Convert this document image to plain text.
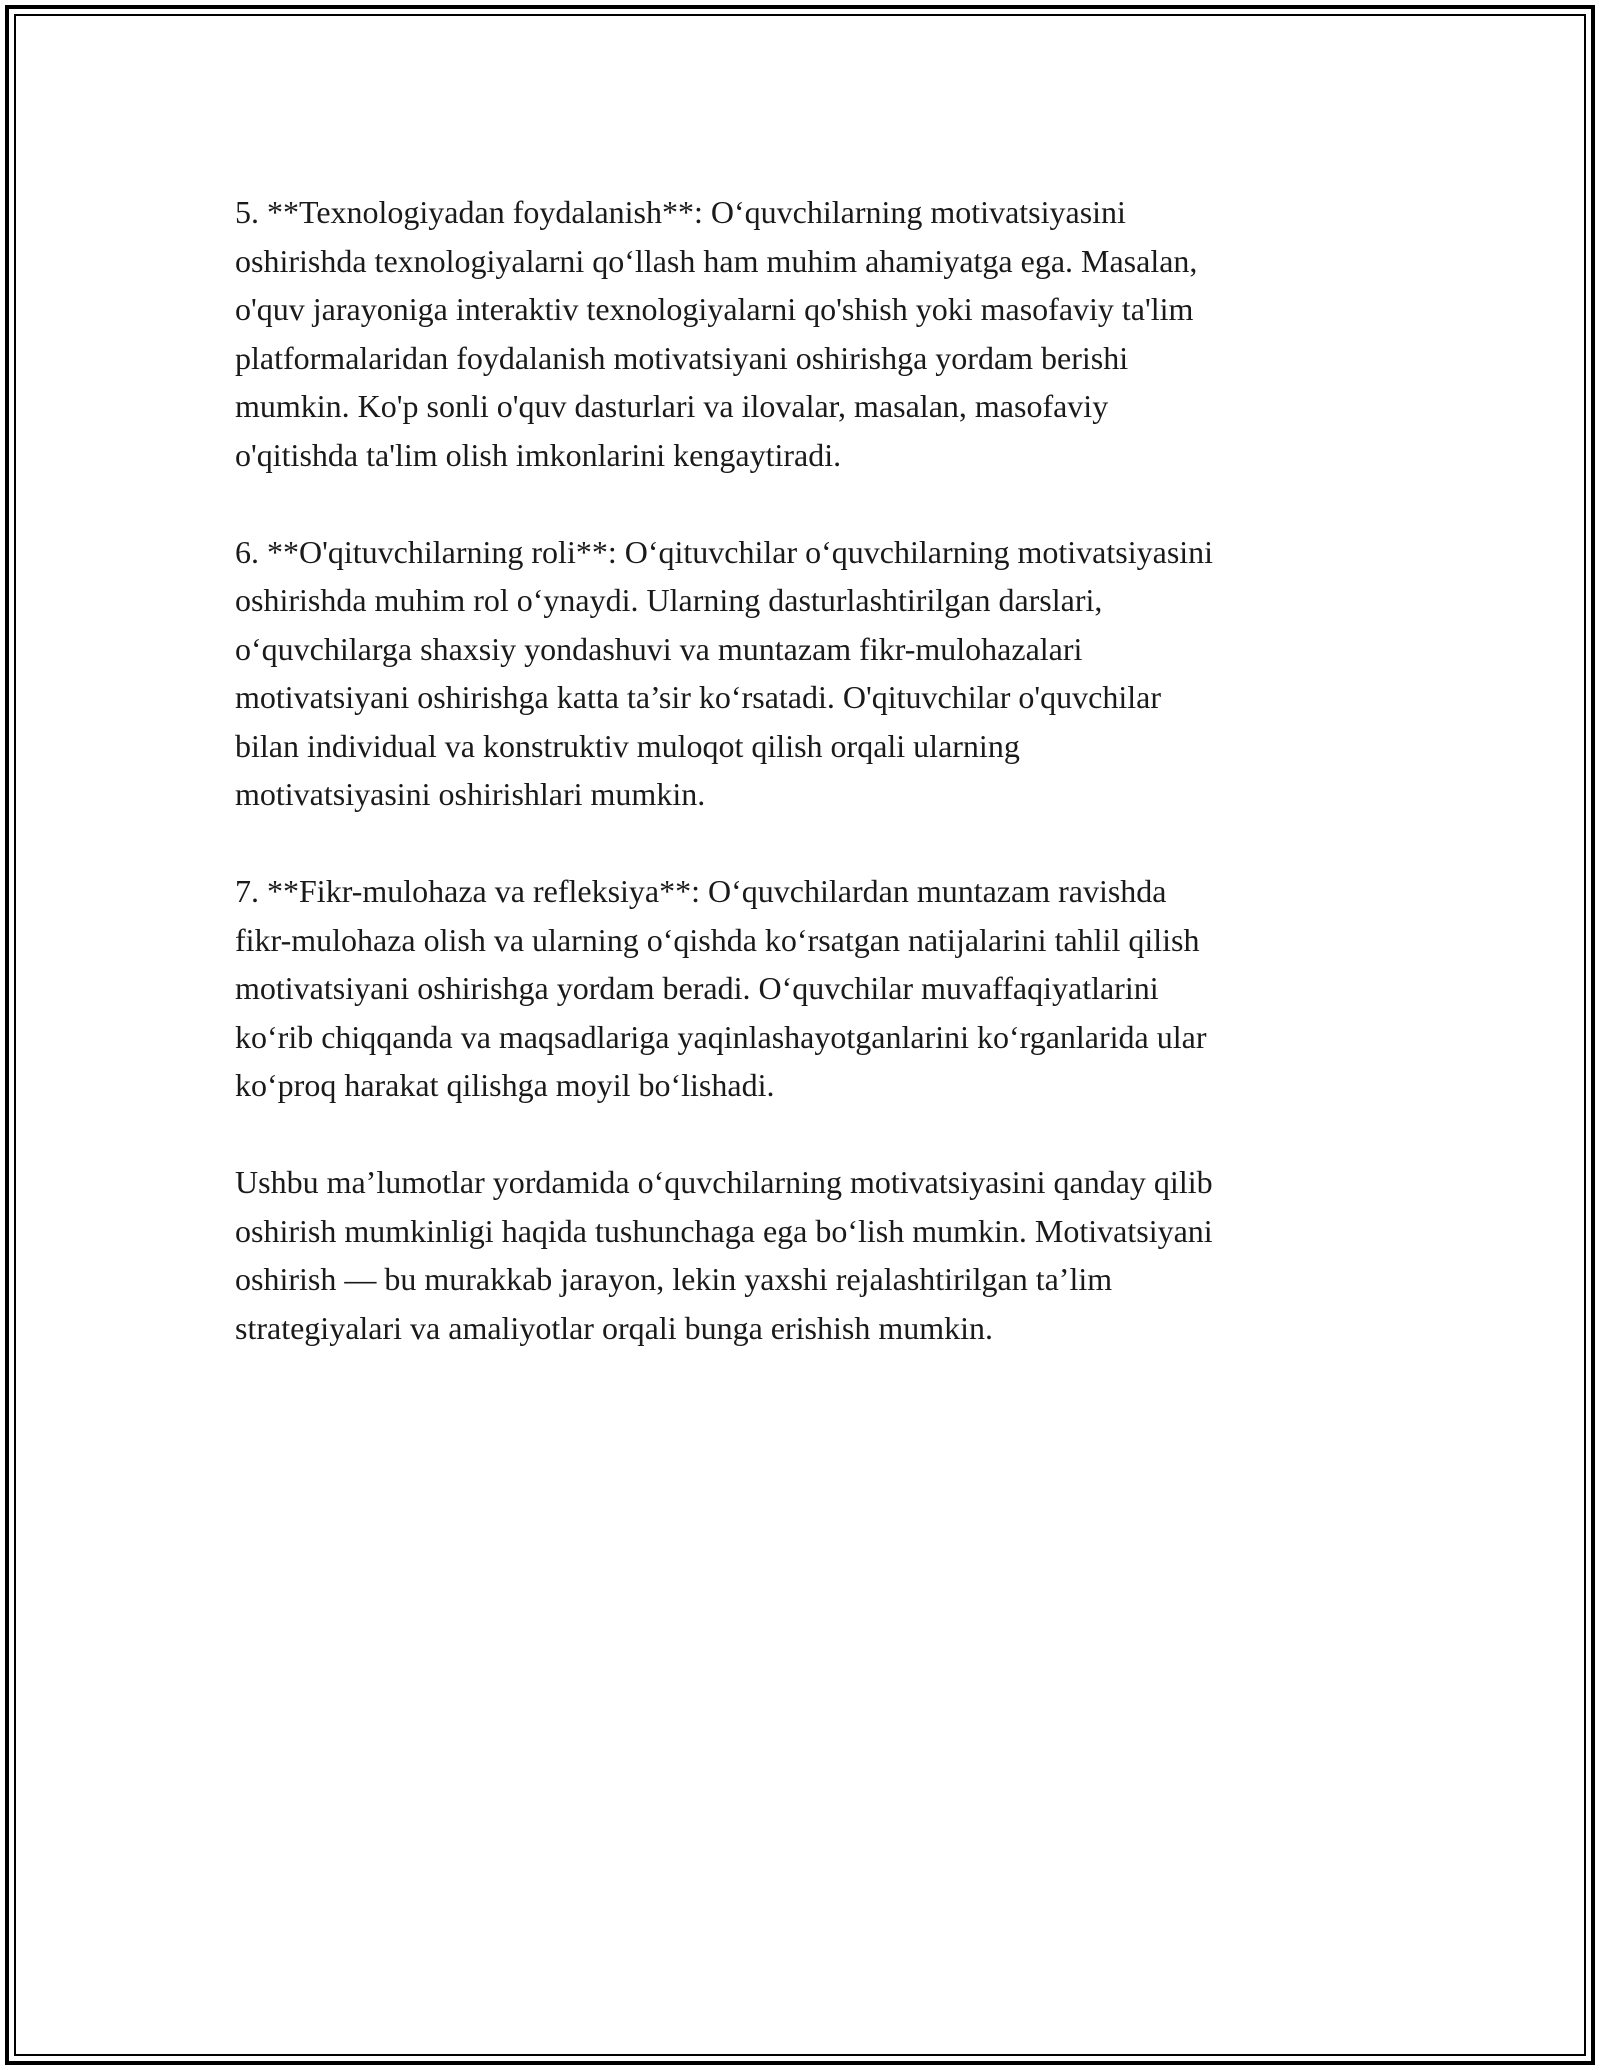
5. **Texnologiyadan foydalanish**: O‘quvchilarning motivatsiyasini
oshirishda texnologiyalarni qo‘llash ham muhim ahamiyatga ega. Masalan,
o'quv jarayoniga interaktiv texnologiyalarni qo'shish yoki masofaviy ta'lim
platformalaridan foydalanish motivatsiyani oshirishga yordam berishi
mumkin. Ko'p sonli o'quv dasturlari va ilovalar, masalan, masofaviy
o'qitishda ta'lim olish imkonlarini kengaytiradi.

6. **O'qituvchilarning roli**: O‘qituvchilar o‘quvchilarning motivatsiyasini
oshirishda muhim rol o‘ynaydi. Ularning dasturlashtirilgan darslari,
o‘quvchilarga shaxsiy yondashuvi va muntazam fikr-mulohazalari
motivatsiyani oshirishga katta ta’sir ko‘rsatadi. O'qituvchilar o'quvchilar
bilan individual va konstruktiv muloqot qilish orqali ularning
motivatsiyasini oshirishlari mumkin.

7. **Fikr-mulohaza va refleksiya**: O‘quvchilardan muntazam ravishda
fikr-mulohaza olish va ularning o‘qishda ko‘rsatgan natijalarini tahlil qilish
motivatsiyani oshirishga yordam beradi. O‘quvchilar muvaffaqiyatlarini
ko‘rib chiqqanda va maqsadlariga yaqinlashayotganlarini ko‘rganlarida ular
ko‘proq harakat qilishga moyil bo‘lishadi.

Ushbu ma’lumotlar yordamida o‘quvchilarning motivatsiyasini qanday qilib
oshirish mumkinligi haqida tushunchaga ega bo‘lish mumkin. Motivatsiyani
oshirish — bu murakkab jarayon, lekin yaxshi rejalashtirilgan ta’lim
strategiyalari va amaliyotlar orqali bunga erishish mumkin.
